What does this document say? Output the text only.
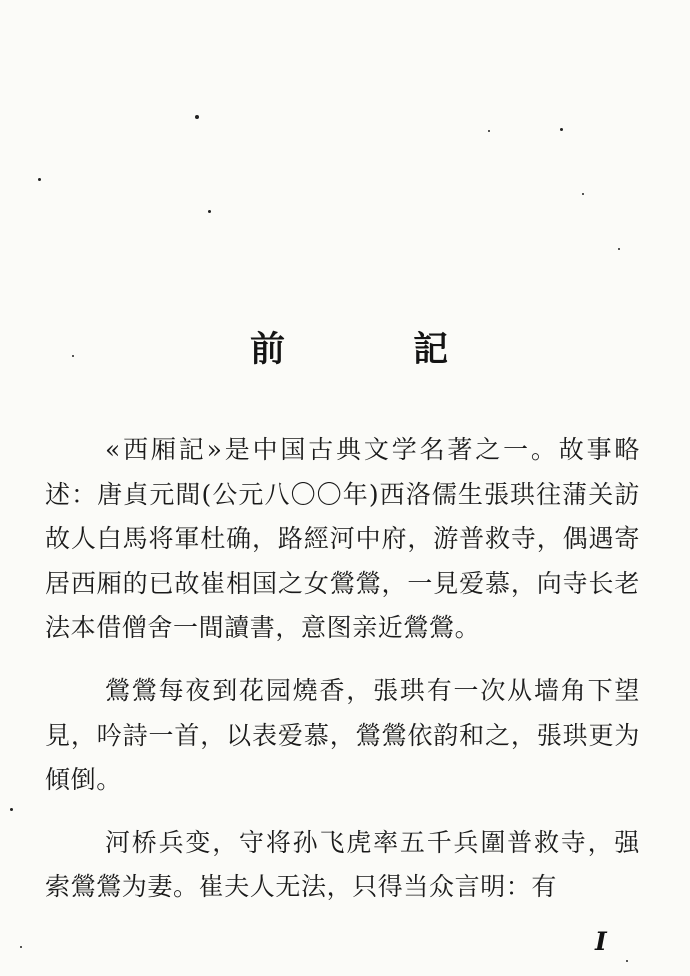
前 記

«西厢記»是中国古典文学名著之一。故事略述：唐貞元間(公元八〇〇年)西洛儒生張珙往蒲关訪故人白馬将軍杜确，路經河中府，游普救寺，偶遇寄居西厢的已故崔相国之女鶯鶯，一見爱慕，向寺长老法本借僧舍一間讀書，意图亲近鶯鶯。

鶯鶯每夜到花园燒香，張珙有一次从墙角下望見，吟詩一首，以表爱慕，鶯鶯依韵和之，張珙更为傾倒。

河桥兵变，守将孙飞虎率五千兵圍普救寺，强索鶯鶯为妻。崔夫人无法，只得当众言明：有

I
